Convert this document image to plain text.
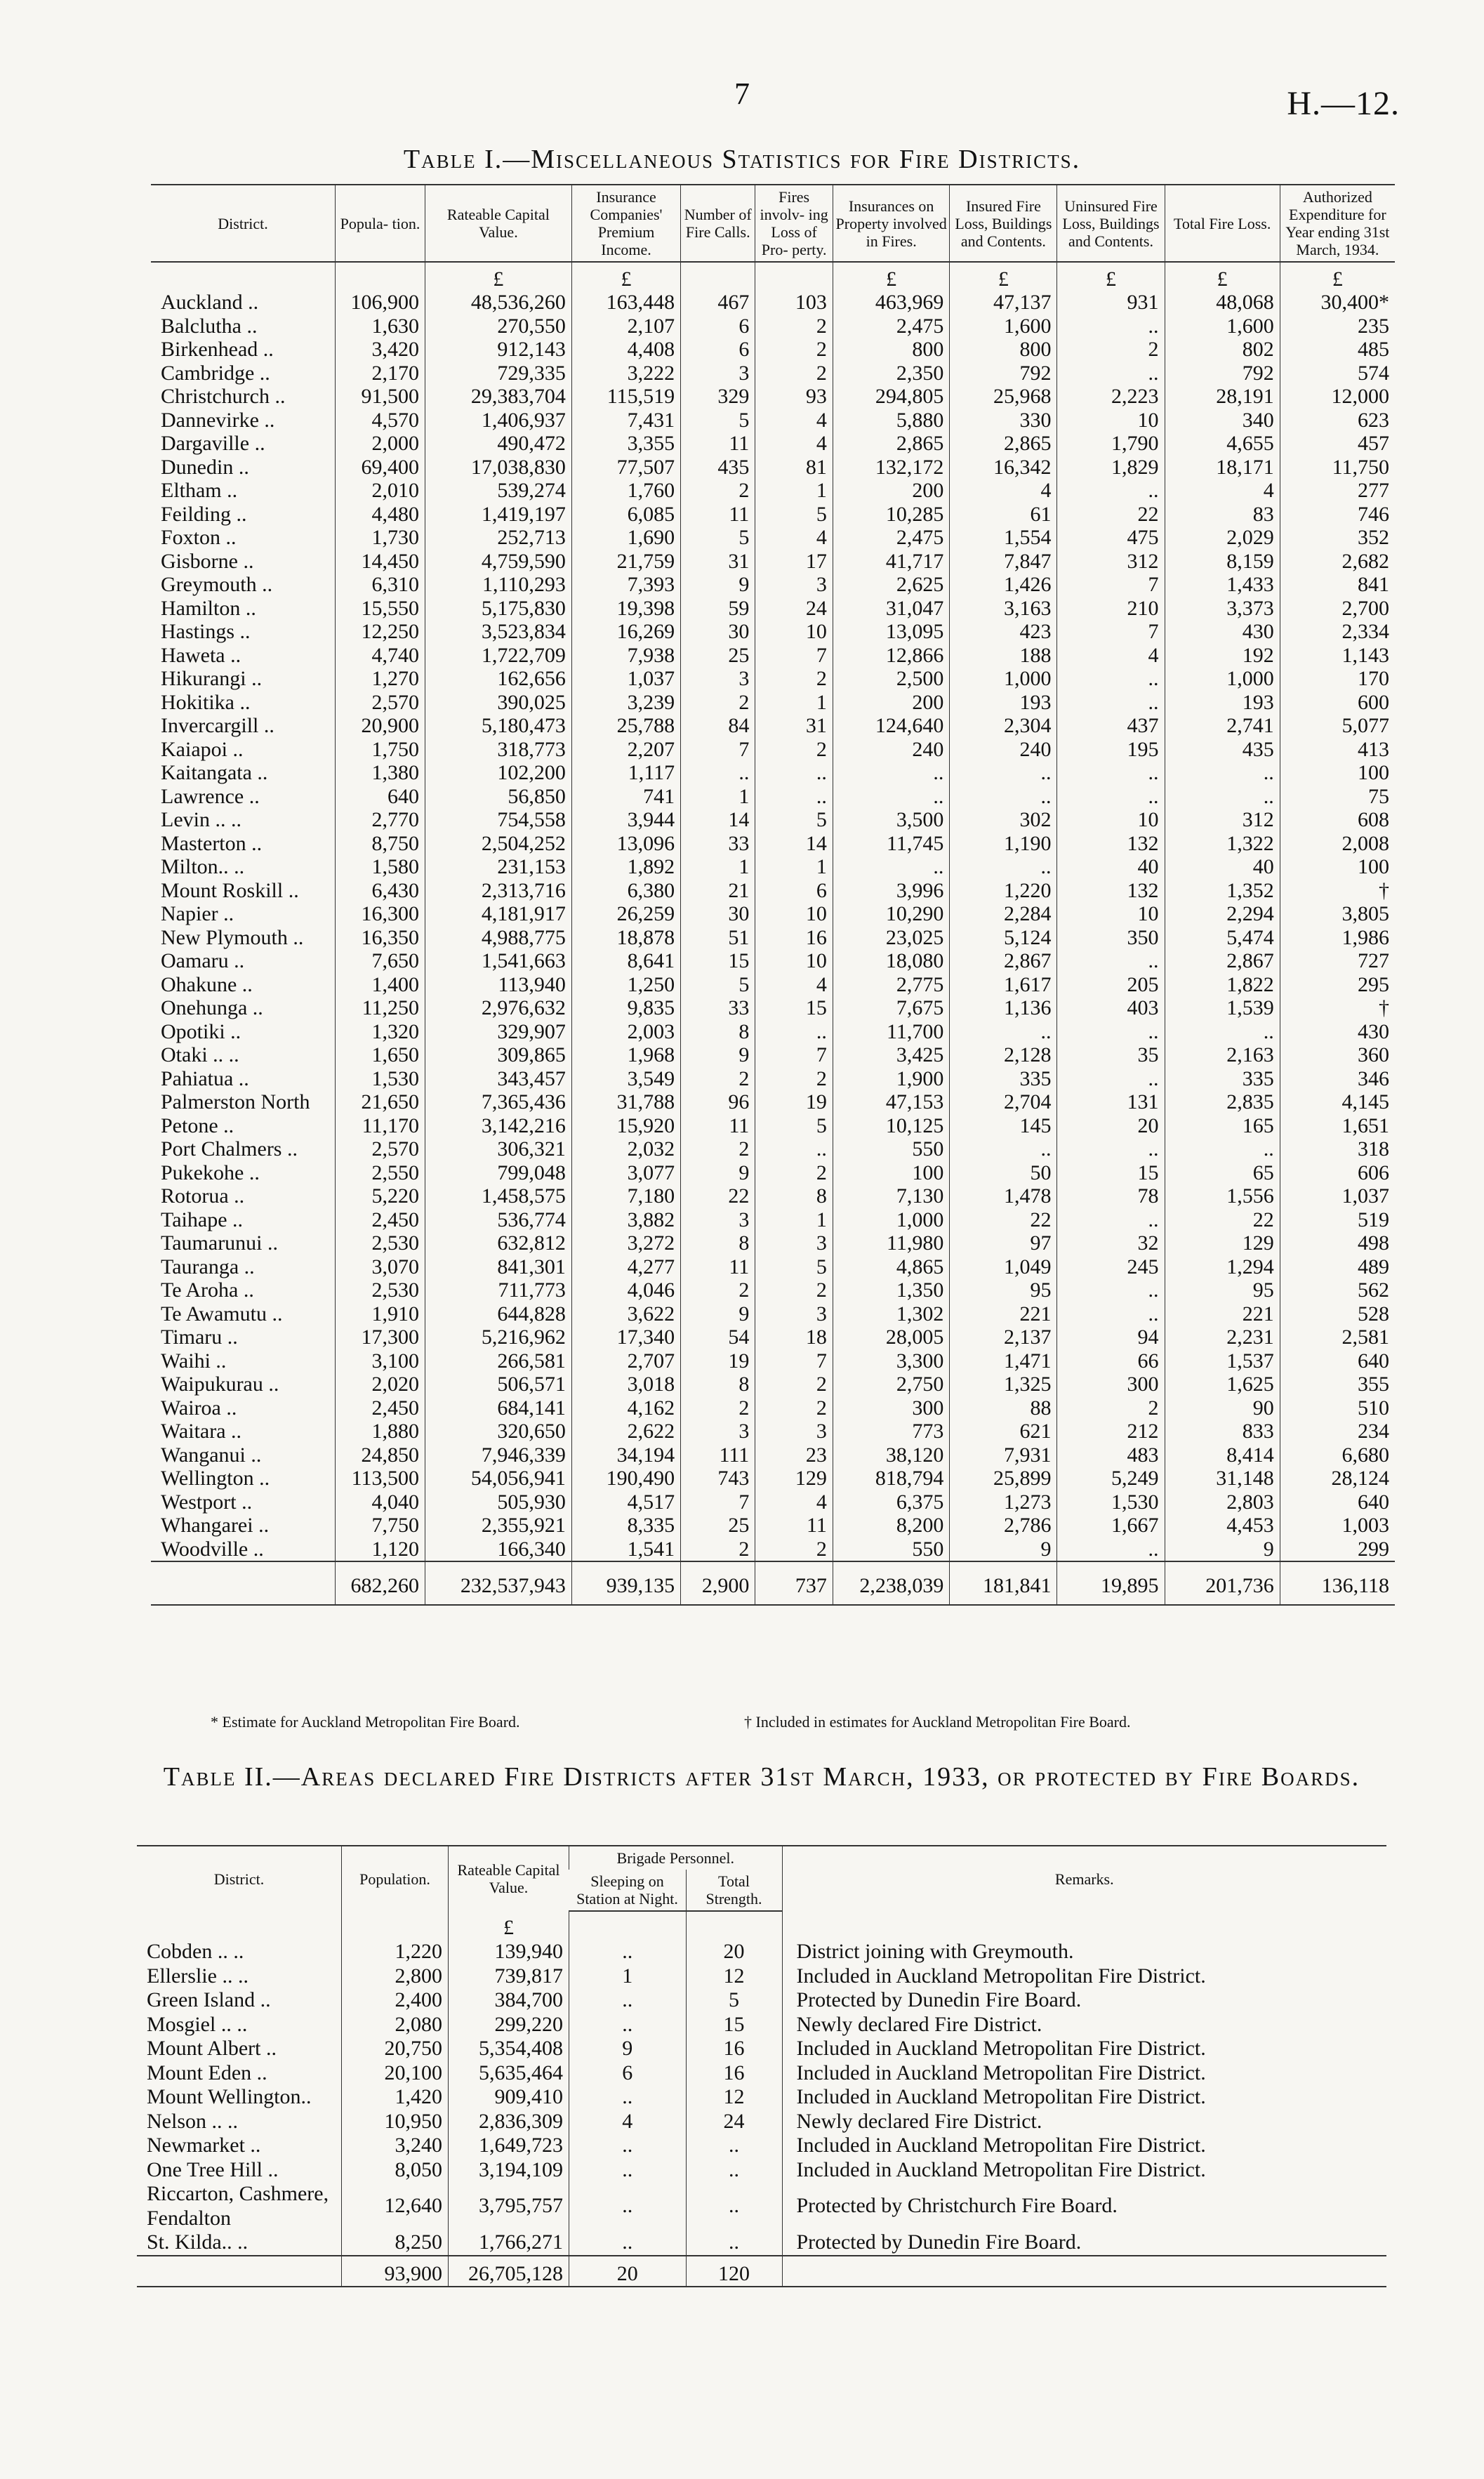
7	H.—12.
Table I.—Miscellaneous Statistics for Fire Districts.
District.	Popula- tion.	Rateable Capital Value.	Insurance Companies' Premium Income.	Number of Fire Calls.	Fires involv- ing Loss of Pro- perty.	Insurances on Property involved in Fires.	Insured Fire Loss, Buildings and Contents.	Uninsured Fire Loss, Buildings and Contents.	Total Fire Loss.	Authorized Expenditure for Year ending 31st March, 1934.
		£	£			£	£	£	£	£
Auckland ..	106,900	48,536,260	163,448	467	103	463,969	47,137	931	48,068	30,400*
Balclutha ..	1,630	270,550	2,107	6	2	2,475	1,600	..	1,600	235
Birkenhead ..	3,420	912,143	4,408	6	2	800	800	2	802	485
Cambridge ..	2,170	729,335	3,222	3	2	2,350	792	..	792	574
Christchurch ..	91,500	29,383,704	115,519	329	93	294,805	25,968	2,223	28,191	12,000
Dannevirke ..	4,570	1,406,937	7,431	5	4	5,880	330	10	340	623
Dargaville ..	2,000	490,472	3,355	11	4	2,865	2,865	1,790	4,655	457
Dunedin ..	69,400	17,038,830	77,507	435	81	132,172	16,342	1,829	18,171	11,750
Eltham ..	2,010	539,274	1,760	2	1	200	4	..	4	277
Feilding ..	4,480	1,419,197	6,085	11	5	10,285	61	22	83	746
Foxton ..	1,730	252,713	1,690	5	4	2,475	1,554	475	2,029	352
Gisborne ..	14,450	4,759,590	21,759	31	17	41,717	7,847	312	8,159	2,682
Greymouth ..	6,310	1,110,293	7,393	9	3	2,625	1,426	7	1,433	841
Hamilton ..	15,550	5,175,830	19,398	59	24	31,047	3,163	210	3,373	2,700
Hastings ..	12,250	3,523,834	16,269	30	10	13,095	423	7	430	2,334
Haweta ..	4,740	1,722,709	7,938	25	7	12,866	188	4	192	1,143
Hikurangi ..	1,270	162,656	1,037	3	2	2,500	1,000	..	1,000	170
Hokitika ..	2,570	390,025	3,239	2	1	200	193	..	193	600
Invercargill ..	20,900	5,180,473	25,788	84	31	124,640	2,304	437	2,741	5,077
Kaiapoi ..	1,750	318,773	2,207	7	2	240	240	195	435	413
Kaitangata ..	1,380	102,200	1,117	..	..	..	..	..	..	100
Lawrence ..	640	56,850	741	1	..	..	..	..	..	75
Levin .. ..	2,770	754,558	3,944	14	5	3,500	302	10	312	608
Masterton ..	8,750	2,504,252	13,096	33	14	11,745	1,190	132	1,322	2,008
Milton.. ..	1,580	231,153	1,892	1	1	..	..	40	40	100
Mount Roskill ..	6,430	2,313,716	6,380	21	6	3,996	1,220	132	1,352	†
Napier ..	16,300	4,181,917	26,259	30	10	10,290	2,284	10	2,294	3,805
New Plymouth ..	16,350	4,988,775	18,878	51	16	23,025	5,124	350	5,474	1,986
Oamaru ..	7,650	1,541,663	8,641	15	10	18,080	2,867	..	2,867	727
Ohakune ..	1,400	113,940	1,250	5	4	2,775	1,617	205	1,822	295
Onehunga ..	11,250	2,976,632	9,835	33	15	7,675	1,136	403	1,539	†
Opotiki ..	1,320	329,907	2,003	8	..	11,700	..	..	..	430
Otaki .. ..	1,650	309,865	1,968	9	7	3,425	2,128	35	2,163	360
Pahiatua ..	1,530	343,457	3,549	2	2	1,900	335	..	335	346
Palmerston North	21,650	7,365,436	31,788	96	19	47,153	2,704	131	2,835	4,145
Petone ..	11,170	3,142,216	15,920	11	5	10,125	145	20	165	1,651
Port Chalmers ..	2,570	306,321	2,032	2	..	550	..	..	..	318
Pukekohe ..	2,550	799,048	3,077	9	2	100	50	15	65	606
Rotorua ..	5,220	1,458,575	7,180	22	8	7,130	1,478	78	1,556	1,037
Taihape ..	2,450	536,774	3,882	3	1	1,000	22	..	22	519
Taumarunui ..	2,530	632,812	3,272	8	3	11,980	97	32	129	498
Tauranga ..	3,070	841,301	4,277	11	5	4,865	1,049	245	1,294	489
Te Aroha ..	2,530	711,773	4,046	2	2	1,350	95	..	95	562
Te Awamutu ..	1,910	644,828	3,622	9	3	1,302	221	..	221	528
Timaru ..	17,300	5,216,962	17,340	54	18	28,005	2,137	94	2,231	2,581
Waihi ..	3,100	266,581	2,707	19	7	3,300	1,471	66	1,537	640
Waipukurau ..	2,020	506,571	3,018	8	2	2,750	1,325	300	1,625	355
Wairoa ..	2,450	684,141	4,162	2	2	300	88	2	90	510
Waitara ..	1,880	320,650	2,622	3	3	773	621	212	833	234
Wanganui ..	24,850	7,946,339	34,194	111	23	38,120	7,931	483	8,414	6,680
Wellington ..	113,500	54,056,941	190,490	743	129	818,794	25,899	5,249	31,148	28,124
Westport ..	4,040	505,930	4,517	7	4	6,375	1,273	1,530	2,803	640
Whangarei ..	7,750	2,355,921	8,335	25	11	8,200	2,786	1,667	4,453	1,003
Woodville ..	1,120	166,340	1,541	2	2	550	9	..	9	299
	682,260	232,537,943	939,135	2,900	737	2,238,039	181,841	19,895	201,736	136,118
* Estimate for Auckland Metropolitan Fire Board.	† Included in estimates for Auckland Metropolitan Fire Board.
Table II.—Areas declared Fire Districts after 31st March, 1933, or protected by Fire Boards.
District.	Population.	Rateable Capital Value.	Brigade Personnel.		Remarks.
			Sleeping on Station at Night.	Total Strength.	
		£			
Cobden .. ..	1,220	139,940	..	20	District joining with Greymouth.
Ellerslie .. ..	2,800	739,817	1	12	Included in Auckland Metropolitan Fire District.
Green Island ..	2,400	384,700	..	5	Protected by Dunedin Fire Board.
Mosgiel .. ..	2,080	299,220	..	15	Newly declared Fire District.
Mount Albert ..	20,750	5,354,408	9	16	Included in Auckland Metropolitan Fire District.
Mount Eden ..	20,100	5,635,464	6	16	Included in Auckland Metropolitan Fire District.
Mount Wellington..	1,420	909,410	..	12	Included in Auckland Metropolitan Fire District.
Nelson .. ..	10,950	2,836,309	4	24	Newly declared Fire District.
Newmarket ..	3,240	1,649,723	..	..	Included in Auckland Metropolitan Fire District.
One Tree Hill ..	8,050	3,194,109	..	..	Included in Auckland Metropolitan Fire District.
Riccarton, Cashmere, Fendalton	12,640	3,795,757	..	..	Protected by Christchurch Fire Board.
St. Kilda.. ..	8,250	1,766,271	..	..	Protected by Dunedin Fire Board.
	93,900	26,705,128	20	120	
